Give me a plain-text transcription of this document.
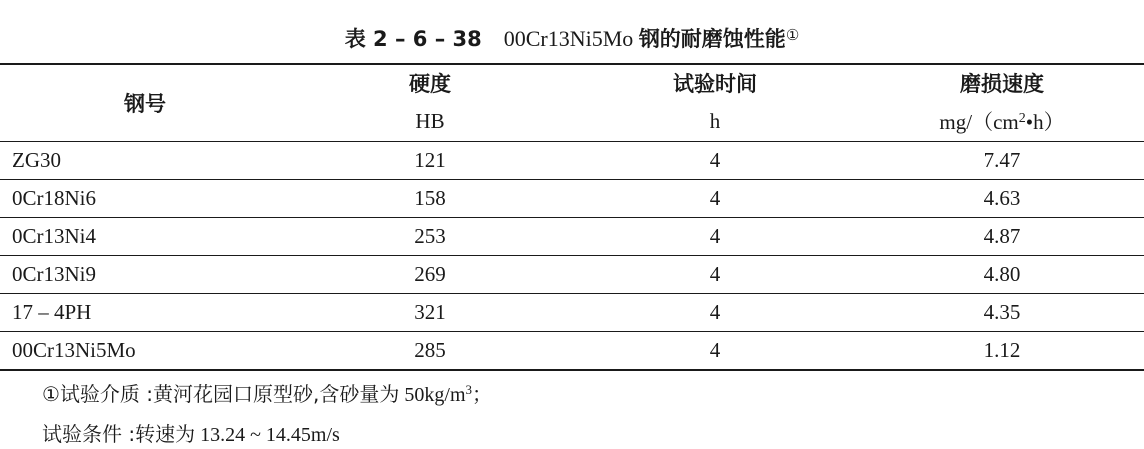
表 2 – 6 – 38 00Cr13Ni5Mo 钢的耐磨蚀性能①
钢号	硬度	试验时间	磨损速度
	HB	h	$mg/(cm^2•h)$
ZG30	121	4	7.47
0Cr18Ni6	158	4	4.63
0Cr13Ni4	253	4	4.87
0Cr13Ni9	269	4	4.80
17 – 4PH	321	4	4.35
00Cr13Ni5Mo	285	4	1.12
①试验介质 :黄河花园口原型砂,含砂量为 $50kg/m^3$；
试验条件 :转速为 13.24 ~ 14.45m/s
